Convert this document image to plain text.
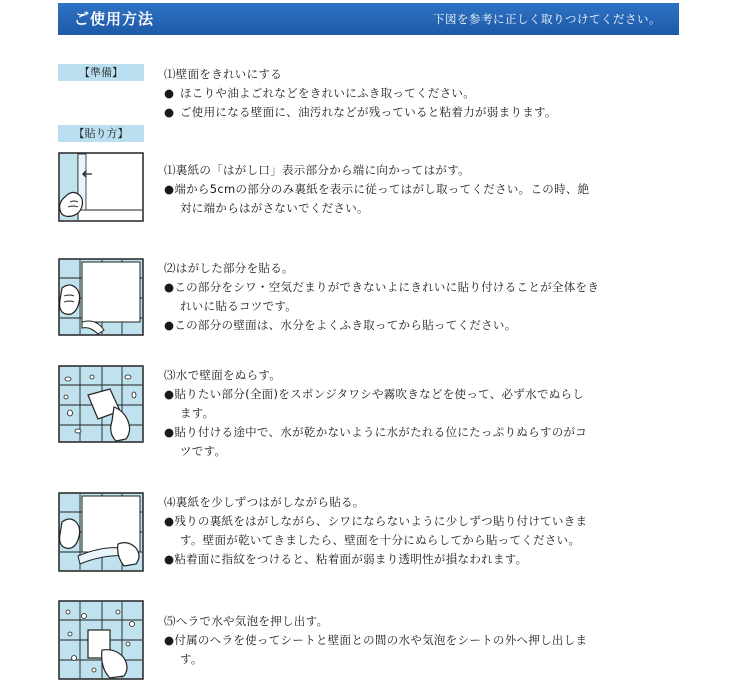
ご使用方法	下図を参考に正しく取りつけてください。
【準備】	⑴壁面をきれいにする
● ほこりや油よごれなどをきれいにふき取ってください。
● ご使用になる壁面に、油汚れなどが残っていると粘着力が弱まります。
【貼り方】
⑴裏紙の「はがし口」表示部分から端に向かってはがす。
●端から5cmの部分のみ裏紙を表示に従ってはがし取ってください。この時、絶
対に端からはがさないでください。
⑵はがした部分を貼る。
●この部分をシワ・空気だまりができないよにきれいに貼り付けることが全体をき
れいに貼るコツです。
●この部分の壁面は、水分をよくふき取ってから貼ってください。
⑶水で壁面をぬらす。
●貼りたい部分(全面)をスポンジタワシや霧吹きなどを使って、必ず水でぬらし
ます。
●貼り付ける途中で、水が乾かないように水がたれる位にたっぷりぬらすのがコ
ツです。
⑷裏紙を少しずつはがしながら貼る。
●残りの裏紙をはがしながら、シワにならないように少しずつ貼り付けていきま
す。壁面が乾いてきましたら、壁面を十分にぬらしてから貼ってください。
●粘着面に指紋をつけると、粘着面が弱まり透明性が損なわれます。
⑸ヘラで水や気泡を押し出す。
●付属のヘラを使ってシートと壁面との間の水や気泡をシートの外へ押し出しま
す。
